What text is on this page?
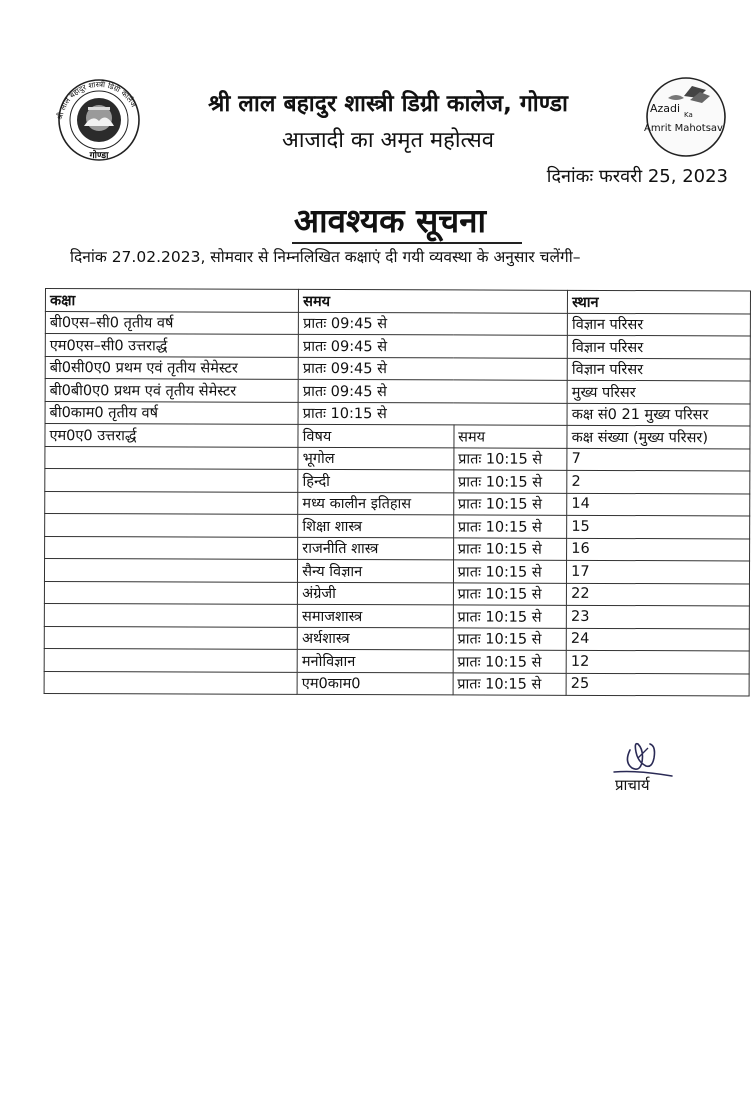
श्री लाल बहादुर शास्त्री डिग्री कालेज
गोण्डा
श्री लाल बहादुर शास्त्री डिग्री कालेज, गोण्डा
आजादी का अमृत महोत्सव
Azadi Ka
Amrit Mahotsav
दिनांकः फरवरी 25, 2023
आवश्यक सूचना
दिनांक 27.02.2023, सोमवार से निम्नलिखित कक्षाएं दी गयी व्यवस्था के अनुसार चलेंगी–
कक्षा	समय		स्थान
बी0एस–सी0 तृतीय वर्ष	प्रातः 09:45 से		विज्ञान परिसर
एम0एस–सी0 उत्तरार्द्ध	प्रातः 09:45 से		विज्ञान परिसर
बी0सी0ए0 प्रथम एवं तृतीय सेमेस्टर	प्रातः 09:45 से		विज्ञान परिसर
बी0बी0ए0 प्रथम एवं तृतीय सेमेस्टर	प्रातः 09:45 से		मुख्य परिसर
बी0काम0 तृतीय वर्ष	प्रातः 10:15 से		कक्ष सं0 21 मुख्य परिसर
एम0ए0 उत्तरार्द्ध	विषय	समय	कक्ष संख्या (मुख्य परिसर)
	भूगोल	प्रातः 10:15 से	7
	हिन्दी	प्रातः 10:15 से	2
	मध्य कालीन इतिहास	प्रातः 10:15 से	14
	शिक्षा शास्त्र	प्रातः 10:15 से	15
	राजनीति शास्त्र	प्रातः 10:15 से	16
	सैन्य विज्ञान	प्रातः 10:15 से	17
	अंग्रेजी	प्रातः 10:15 से	22
	समाजशास्त्र	प्रातः 10:15 से	23
	अर्थशास्त्र	प्रातः 10:15 से	24
	मनोविज्ञान	प्रातः 10:15 से	12
	एम0काम0	प्रातः 10:15 से	25
प्राचार्य
